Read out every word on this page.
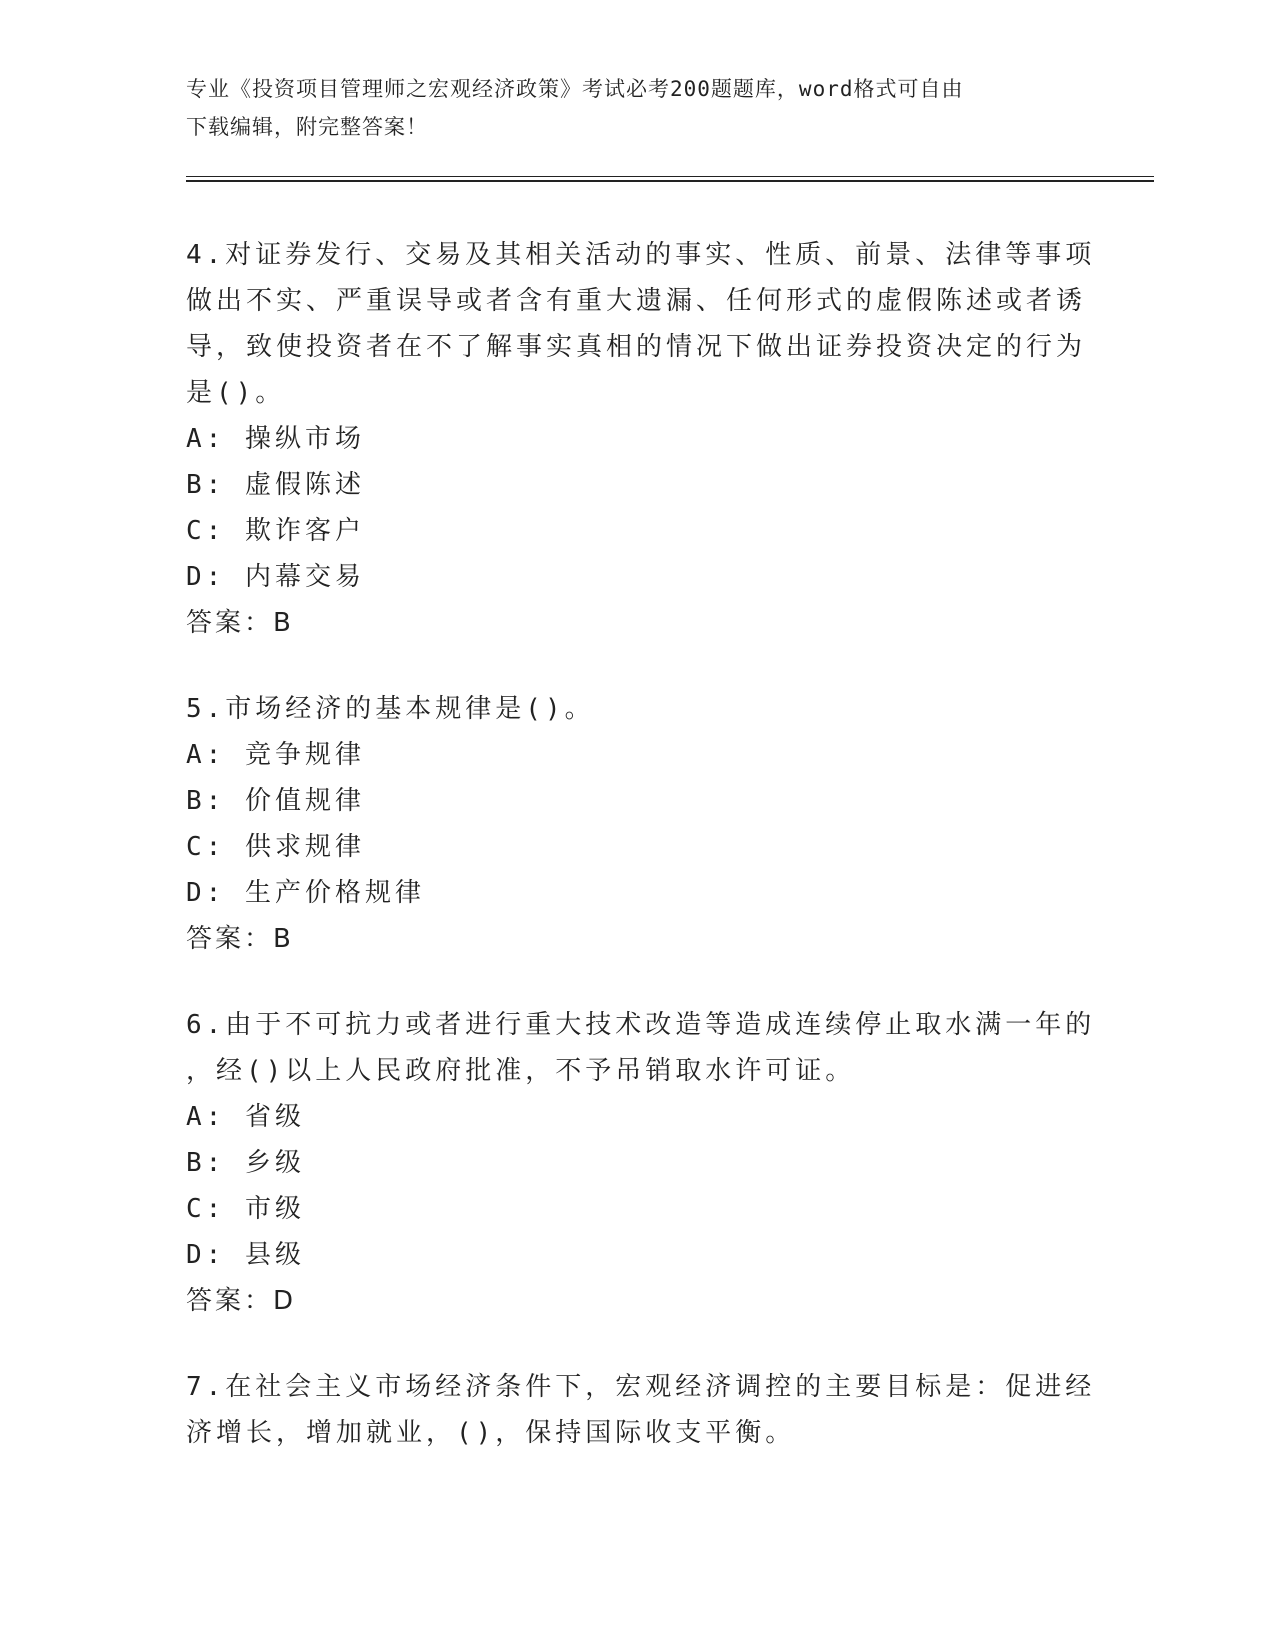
专业《投资项目管理师之宏观经济政策》考试必考200题题库，word格式可自由

下载编辑，附完整答案！

4.对证券发行、交易及其相关活动的事实、性质、前景、法律等事项

做出不实、严重误导或者含有重大遗漏、任何形式的虚假陈述或者诱

导，致使投资者在不了解事实真相的情况下做出证券投资决定的行为

是()。

A: 操纵市场

B: 虚假陈述

C: 欺诈客户

D: 内幕交易

答案：B

5.市场经济的基本规律是()。

A: 竞争规律

B: 价值规律

C: 供求规律

D: 生产价格规律

答案：B

6.由于不可抗力或者进行重大技术改造等造成连续停止取水满一年的

，经()以上人民政府批准，不予吊销取水许可证。

A: 省级

B: 乡级

C: 市级

D: 县级

答案：D

7.在社会主义市场经济条件下，宏观经济调控的主要目标是：促进经

济增长，增加就业，()，保持国际收支平衡。
